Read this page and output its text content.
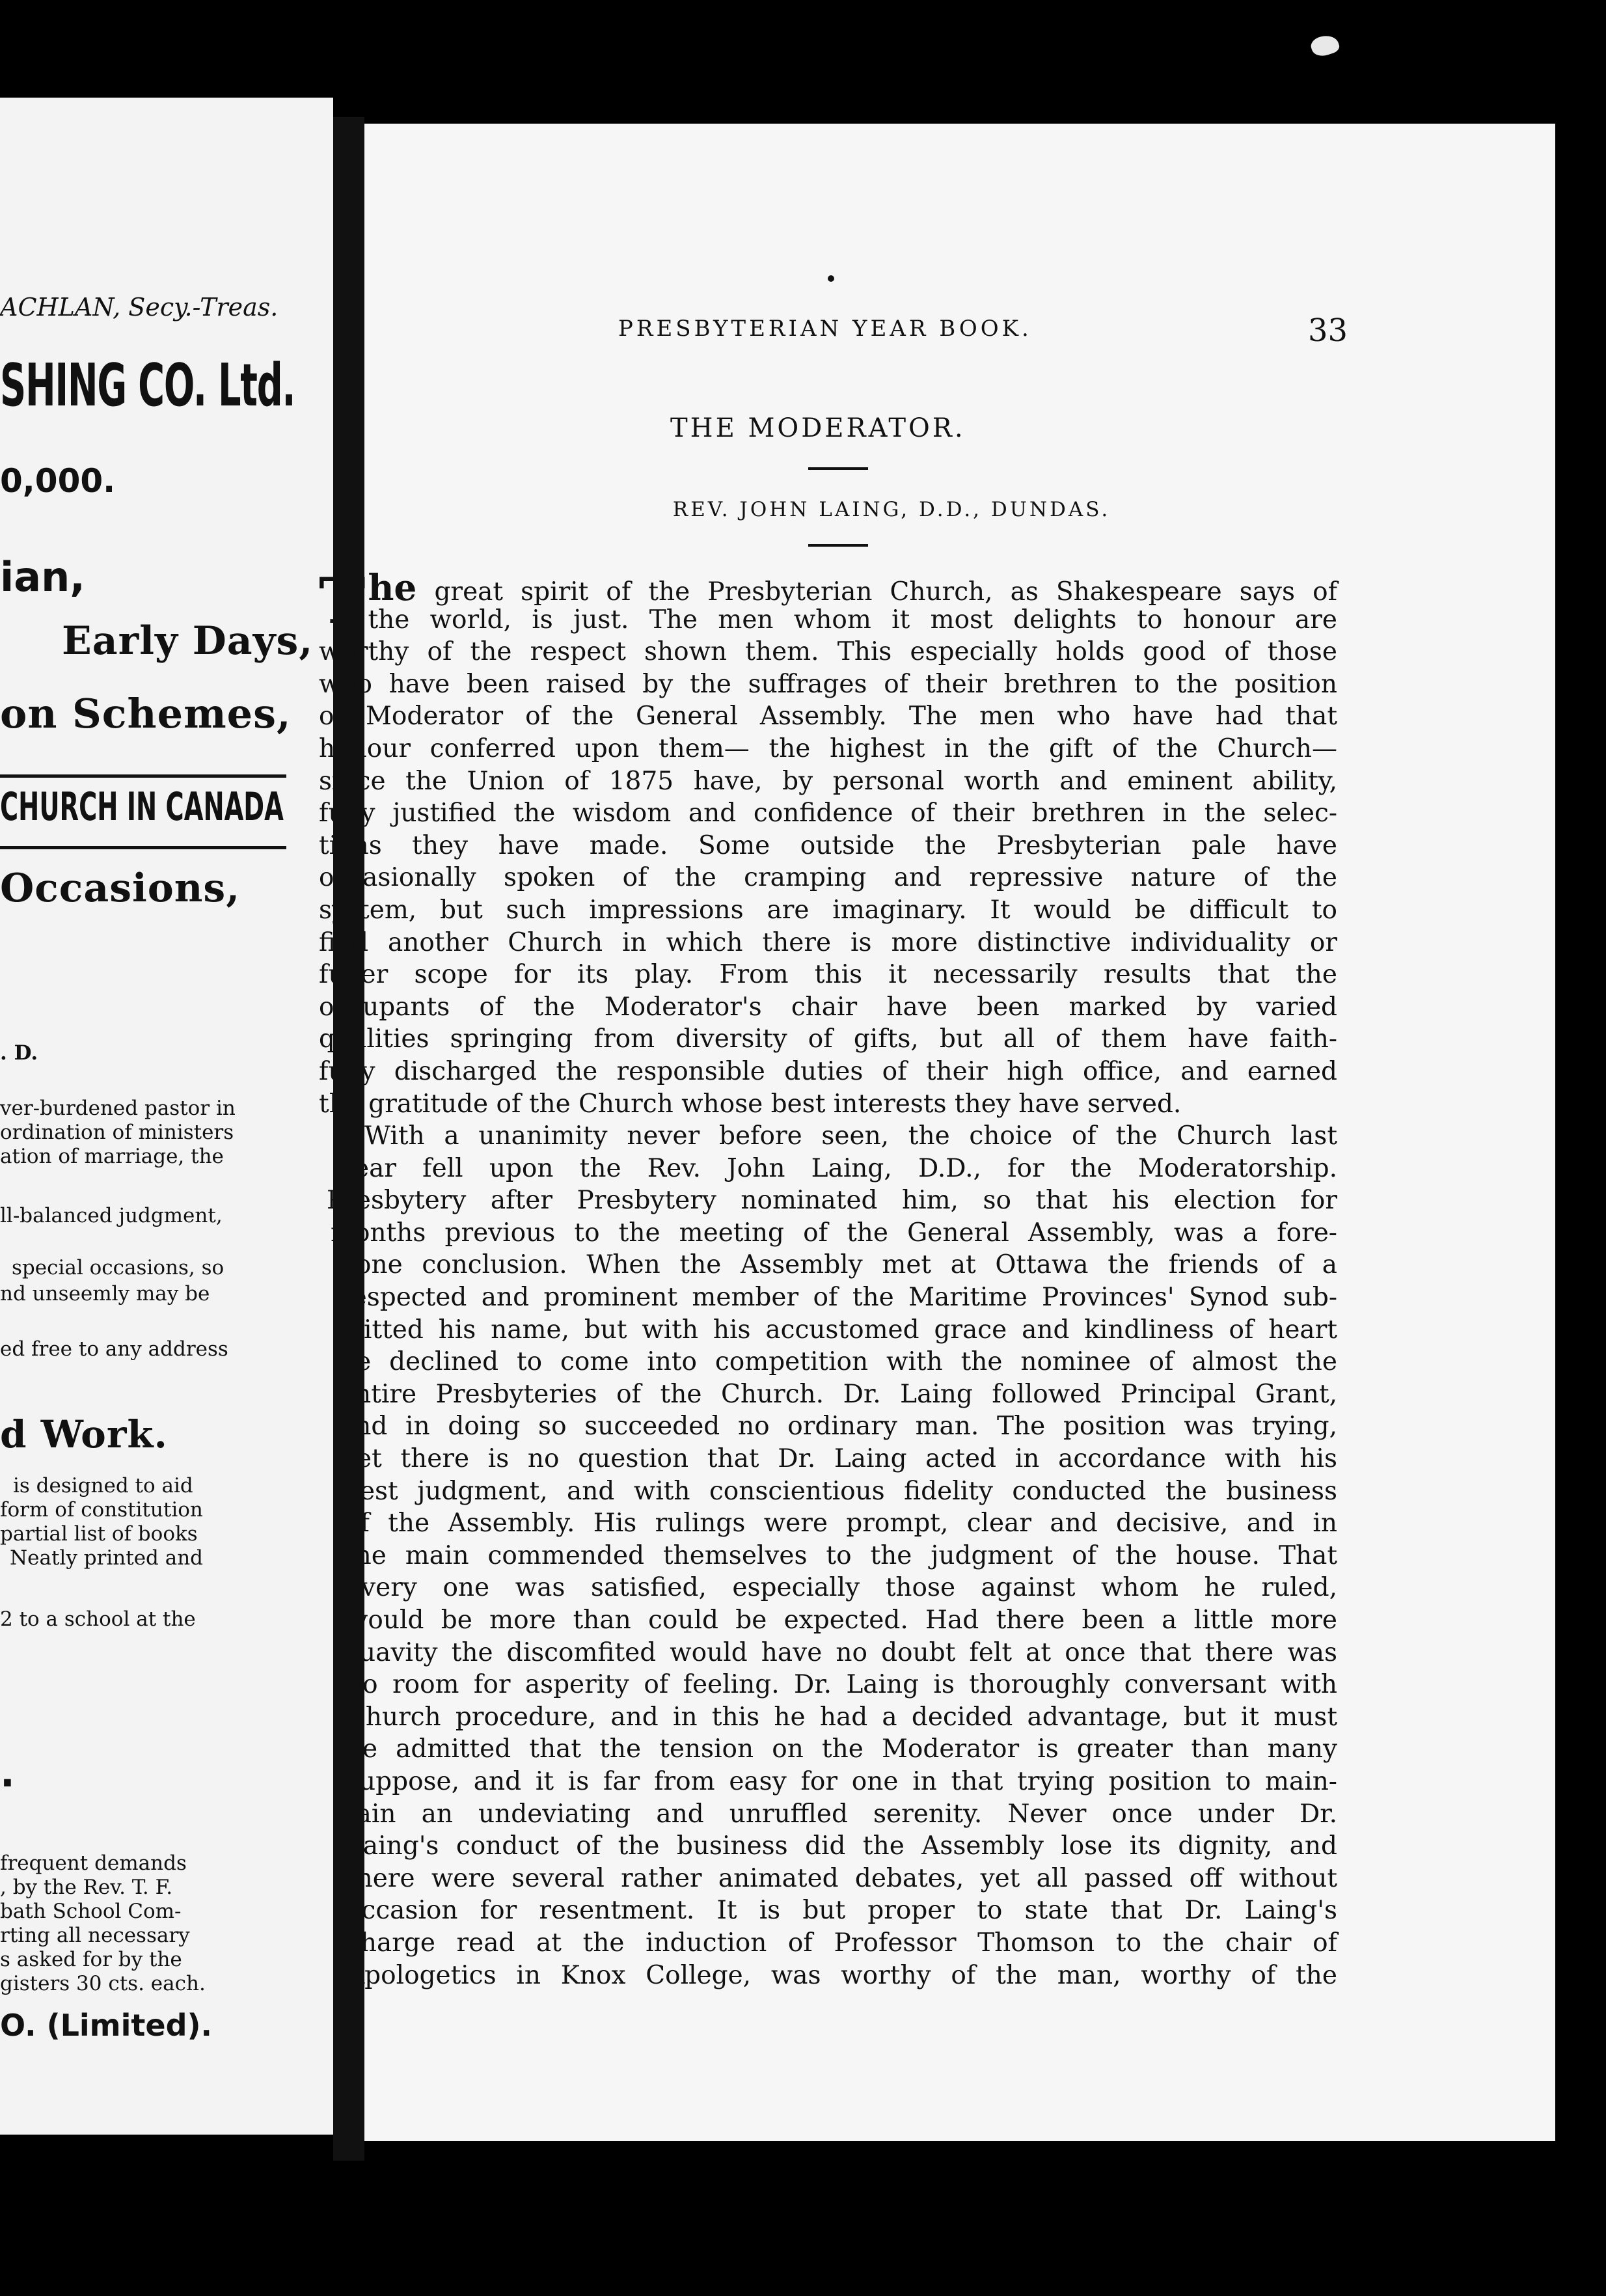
ACHLAN, Secy.-Treas.
SHING CO. Ltd.
0,000.
ian,
Early Days,
on Schemes,
CHURCH IN CANADA
Occasions,
. D.
ver-burdened pastor in
ordination of ministers
ation of marriage, the
ll-balanced judgment,
special occasions, so
nd unseemly may be
ed free to any address
d Work.
is designed to aid
form of constitution
partial list of books
Neatly printed and
2 to a school at the
.
frequent demands
, by the Rev. T. F.
bath School Com-
rting all necessary
s asked for by the
gisters 30 cts. each.
O. (Limited).
PRESBYTERIAN YEAR BOOK.	33
THE MODERATOR.
REV. JOHN LAING, D.D., DUNDAS.
T he great spirit of the Presbyterian Church, as Shakespeare says of
the world, is just. The men whom it most delights to honour are
worthy of the respect shown them. This especially holds good of those
who have been raised by the suffrages of their brethren to the position
of Moderator of the General Assembly. The men who have had that
honour conferred upon them— the highest in the gift of the Church—
since the Union of 1875 have, by personal worth and eminent ability,
fully justified the wisdom and confidence of their brethren in the selec-
tions they have made. Some outside the Presbyterian pale have
occasionally spoken of the cramping and repressive nature of the
system, but such impressions are imaginary. It would be difficult to
find another Church in which there is more distinctive individuality or
fuller scope for its play. From this it necessarily results that the
occupants of the Moderator's chair have been marked by varied
qualities springing from diversity of gifts, but all of them have faith-
fully discharged the responsible duties of their high office, and earned
the gratitude of the Church whose best interests they have served.
With a unanimity never before seen, the choice of the Church last
year fell upon the Rev. John Laing, D.D., for the Moderatorship.
Presbytery after Presbytery nominated him, so that his election for
months previous to the meeting of the General Assembly, was a fore-
gone conclusion. When the Assembly met at Ottawa the friends of a
respected and prominent member of the Maritime Provinces' Synod sub-
mitted his name, but with his accustomed grace and kindliness of heart
he declined to come into competition with the nominee of almost the
entire Presbyteries of the Church. Dr. Laing followed Principal Grant,
and in doing so succeeded no ordinary man. The position was trying,
yet there is no question that Dr. Laing acted in accordance with his
best judgment, and with conscientious fidelity conducted the business
of the Assembly. His rulings were prompt, clear and decisive, and in
the main commended themselves to the judgment of the house. That
every one was satisfied, especially those against whom he ruled,
would be more than could be expected. Had there been a little more
suavity the discomfited would have no doubt felt at once that there was
no room for asperity of feeling. Dr. Laing is thoroughly conversant with
Church procedure, and in this he had a decided advantage, but it must
be admitted that the tension on the Moderator is greater than many
suppose, and it is far from easy for one in that trying position to main-
tain an undeviating and unruffled serenity. Never once under Dr.
Laing's conduct of the business did the Assembly lose its dignity, and
there were several rather animated debates, yet all passed off without
occasion for resentment. It is but proper to state that Dr. Laing's
charge read at the induction of Professor Thomson to the chair of
Apologetics in Knox College, was worthy of the man, worthy of the
